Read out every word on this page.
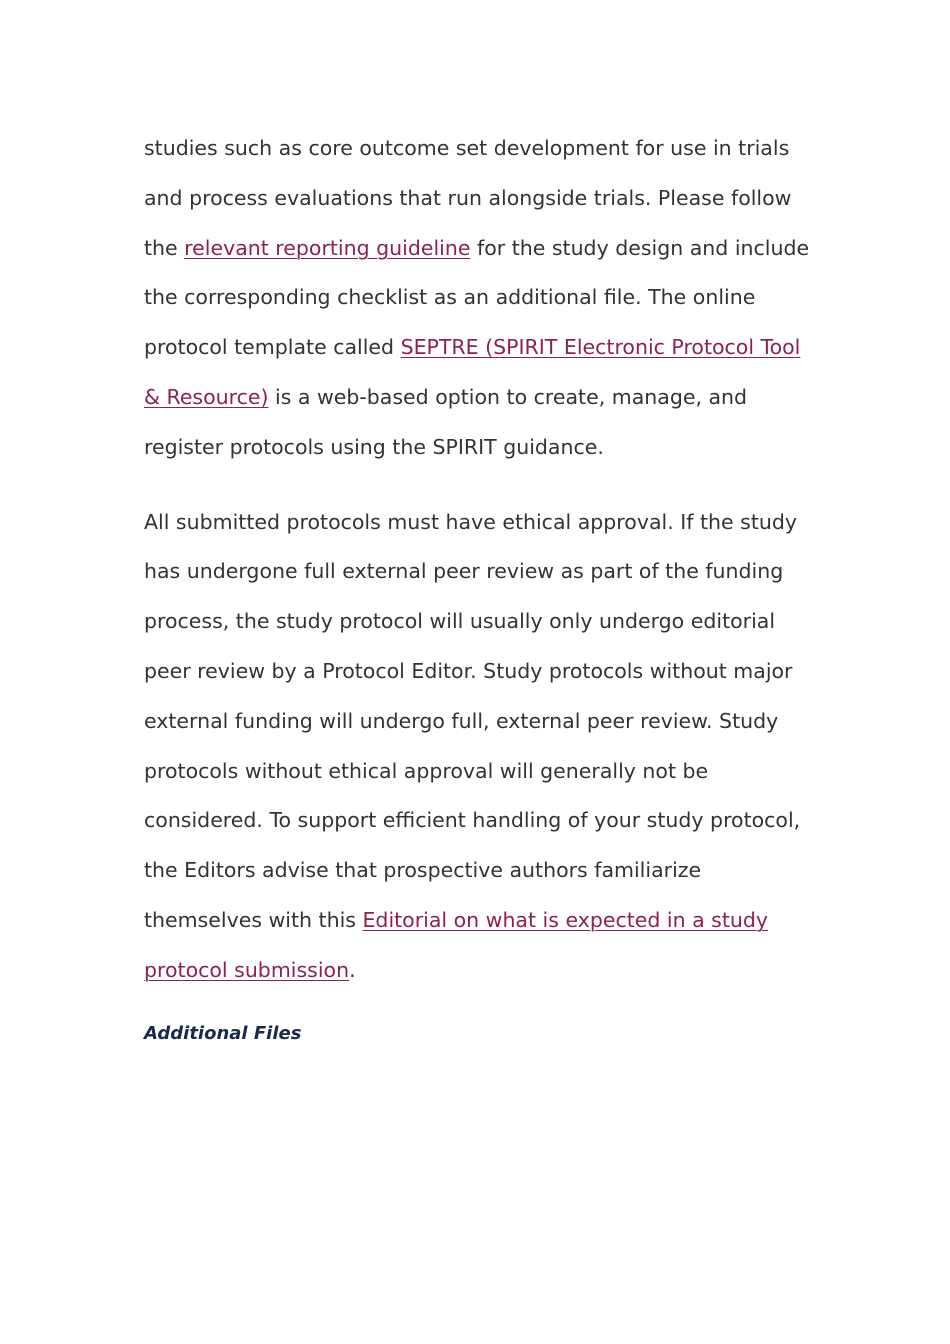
studies such as core outcome set development for use in trials and process evaluations that run alongside trials. Please follow the relevant reporting guideline for the study design and include the corresponding checklist as an additional file. The online protocol template called SEPTRE (SPIRIT Electronic Protocol Tool & Resource) is a web-based option to create, manage, and register protocols using the SPIRIT guidance.

All submitted protocols must have ethical approval. If the study has undergone full external peer review as part of the funding process, the study protocol will usually only undergo editorial peer review by a Protocol Editor. Study protocols without major external funding will undergo full, external peer review. Study protocols without ethical approval will generally not be considered. To support efficient handling of your study protocol, the Editors advise that prospective authors familiarize themselves with this Editorial on what is expected in a study protocol submission.

Additional Files
